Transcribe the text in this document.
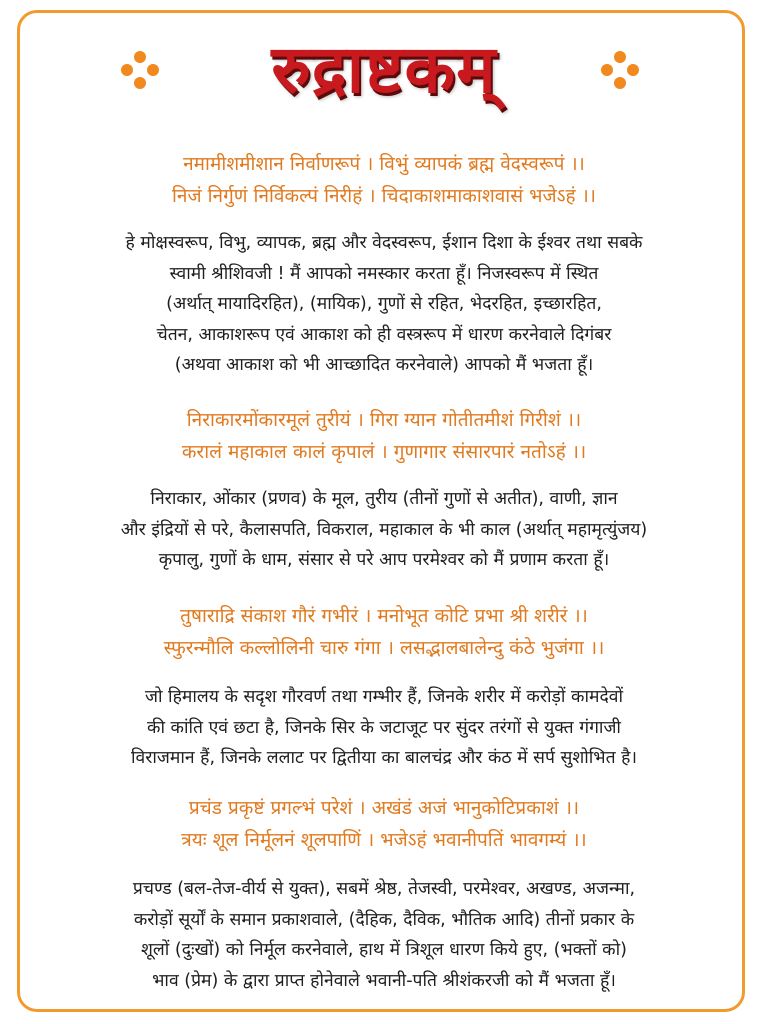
रुद्राष्टकम्
नमामीशमीशान निर्वाणरूपं । विभुं व्यापकं ब्रह्म वेदस्वरूपं ।।
निजं निर्गुणं निर्विकल्पं निरीहं । चिदाकाशमाकाशवासं भजेऽहं ।।
हे मोक्षस्वरूप, विभु, व्यापक, ब्रह्म और वेदस्वरूप, ईशान दिशा के ईश्वर तथा सबके
स्वामी श्रीशिवजी ! मैं आपको नमस्कार करता हूँ। निजस्वरूप में स्थित
(अर्थात् मायादिरहित), (मायिक), गुणों से रहित, भेदरहित, इच्छारहित,
चेतन, आकाशरूप एवं आकाश को ही वस्त्ररूप में धारण करनेवाले दिगंबर
(अथवा आकाश को भी आच्छादित करनेवाले) आपको मैं भजता हूँ।
निराकारमोंकारमूलं तुरीयं । गिरा ग्यान गोतीतमीशं गिरीशं ।।
करालं महाकाल कालं कृपालं । गुणागार संसारपारं नतोऽहं ।।
निराकार, ओंकार (प्रणव) के मूल, तुरीय (तीनों गुणों से अतीत), वाणी, ज्ञान
और इंद्रियों से परे, कैलासपति, विकराल, महाकाल के भी काल (अर्थात् महामृत्युंजय)
कृपालु, गुणों के धाम, संसार से परे आप परमेश्वर को मैं प्रणाम करता हूँ।
तुषाराद्रि संकाश गौरं गभीरं । मनोभूत कोटि प्रभा श्री शरीरं ।।
स्फुरन्मौलि कल्लोलिनी चारु गंगा । लसद्भालबालेन्दु कंठे भुजंगा ।।
जो हिमालय के सदृश गौरवर्ण तथा गम्भीर हैं, जिनके शरीर में करोड़ों कामदेवों
की कांति एवं छटा है, जिनके सिर के जटाजूट पर सुंदर तरंगों से युक्त गंगाजी
विराजमान हैं, जिनके ललाट पर द्वितीया का बालचंद्र और कंठ में सर्प सुशोभित है।
प्रचंड प्रकृष्टं प्रगल्भं परेशं । अखंडं अजं भानुकोटिप्रकाशं ।।
त्रयः शूल निर्मूलनं शूलपाणिं । भजेऽहं भवानीपतिं भावगम्यं ।।
प्रचण्ड (बल-तेज-वीर्य से युक्त), सबमें श्रेष्ठ, तेजस्वी, परमेश्वर, अखण्ड, अजन्मा,
करोड़ों सूर्यों के समान प्रकाशवाले, (दैहिक, दैविक, भौतिक आदि) तीनों प्रकार के
शूलों (दुःखों) को निर्मूल करनेवाले, हाथ में त्रिशूल धारण किये हुए, (भक्तों को)
भाव (प्रेम) के द्वारा प्राप्त होनेवाले भवानी-पति श्रीशंकरजी को मैं भजता हूँ।
